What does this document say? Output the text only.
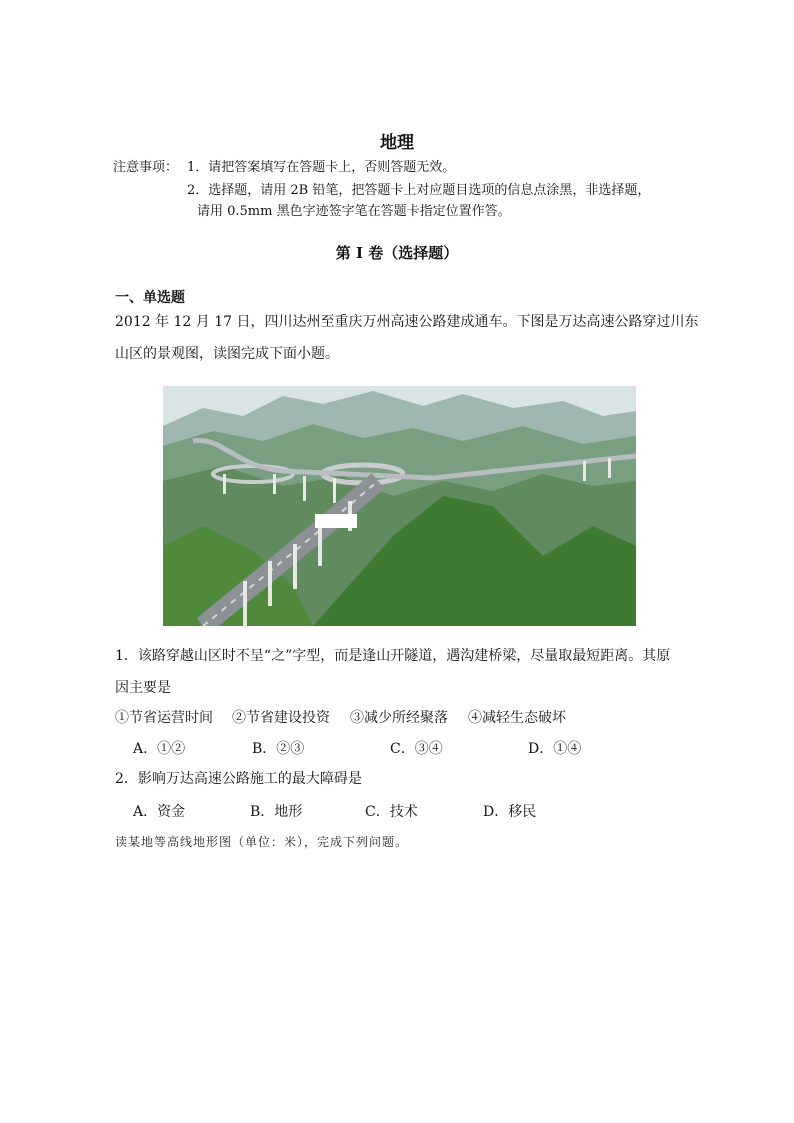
地理
注意事项： 1．请把答案填写在答题卡上，否则答题无效。
2．选择题，请用 2B 铅笔，把答题卡上对应题目选项的信息点涂黑，非选择题，
请用 0.5mm 黑色字迹签字笔在答题卡指定位置作答。
第 I 卷（选择题）
一、单选题
2012 年 12 月 17 日，四川达州至重庆万州高速公路建成通车。下图是万达高速公路穿过川东
山区的景观图，读图完成下面小题。
1．该路穿越山区时不呈“之”字型，而是逢山开隧道，遇沟建桥梁，尽量取最短距离。其原
因主要是
①节省运营时间 ②节省建设投资 ③减少所经聚落 ④减轻生态破坏
A．①②	B．②③	C．③④	D．①④
2．影响万达高速公路施工的最大障碍是
A．资金	B．地形	C．技术	D．移民
读某地等高线地形图（单位：米），完成下列问题。
